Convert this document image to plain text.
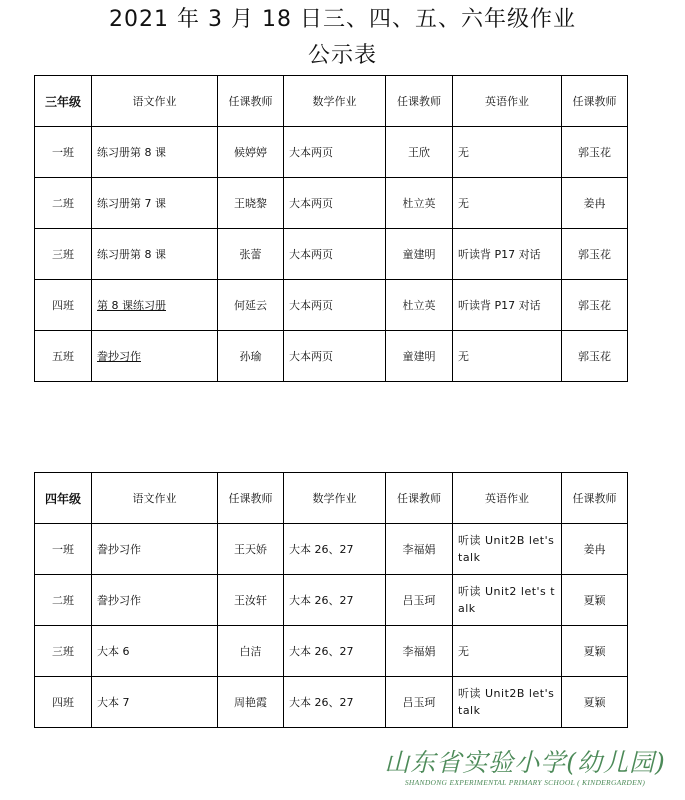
2021 年 3 月 18 日三、四、五、六年级作业
公示表
三年级	语文作业	任课教师	数学作业	任课教师	英语作业	任课教师
一班	练习册第 8 课	候婷婷	大本两页	王欣	无	郭玉花
二班	练习册第 7 课	王晓黎	大本两页	杜立英	无	姜冉
三班	练习册第 8 课	张蕾	大本两页	童建明	听读背 P17 对话	郭玉花
四班	第 8 课练习册	何延云	大本两页	杜立英	听读背 P17 对话	郭玉花
五班	誊抄习作	孙瑜	大本两页	童建明	无	郭玉花
四年级	语文作业	任课教师	数学作业	任课教师	英语作业	任课教师
一班	誊抄习作	王天娇	大本 26、27	李福娟	听读 Unit2B let's talk	姜冉
二班	誊抄习作	王汝轩	大本 26、27	吕玉珂	听读 Unit2 let's talk	夏颖
三班	大本 6	白洁	大本 26、27	李福娟	无	夏颖
四班	大本 7	周艳霞	大本 26、27	吕玉珂	听读 Unit2B let's talk	夏颖
山东省实验小学(幼儿园)
SHANDONG EXPERIMENTAL PRIMARY SCHOOL ( KINDERGARDEN)
